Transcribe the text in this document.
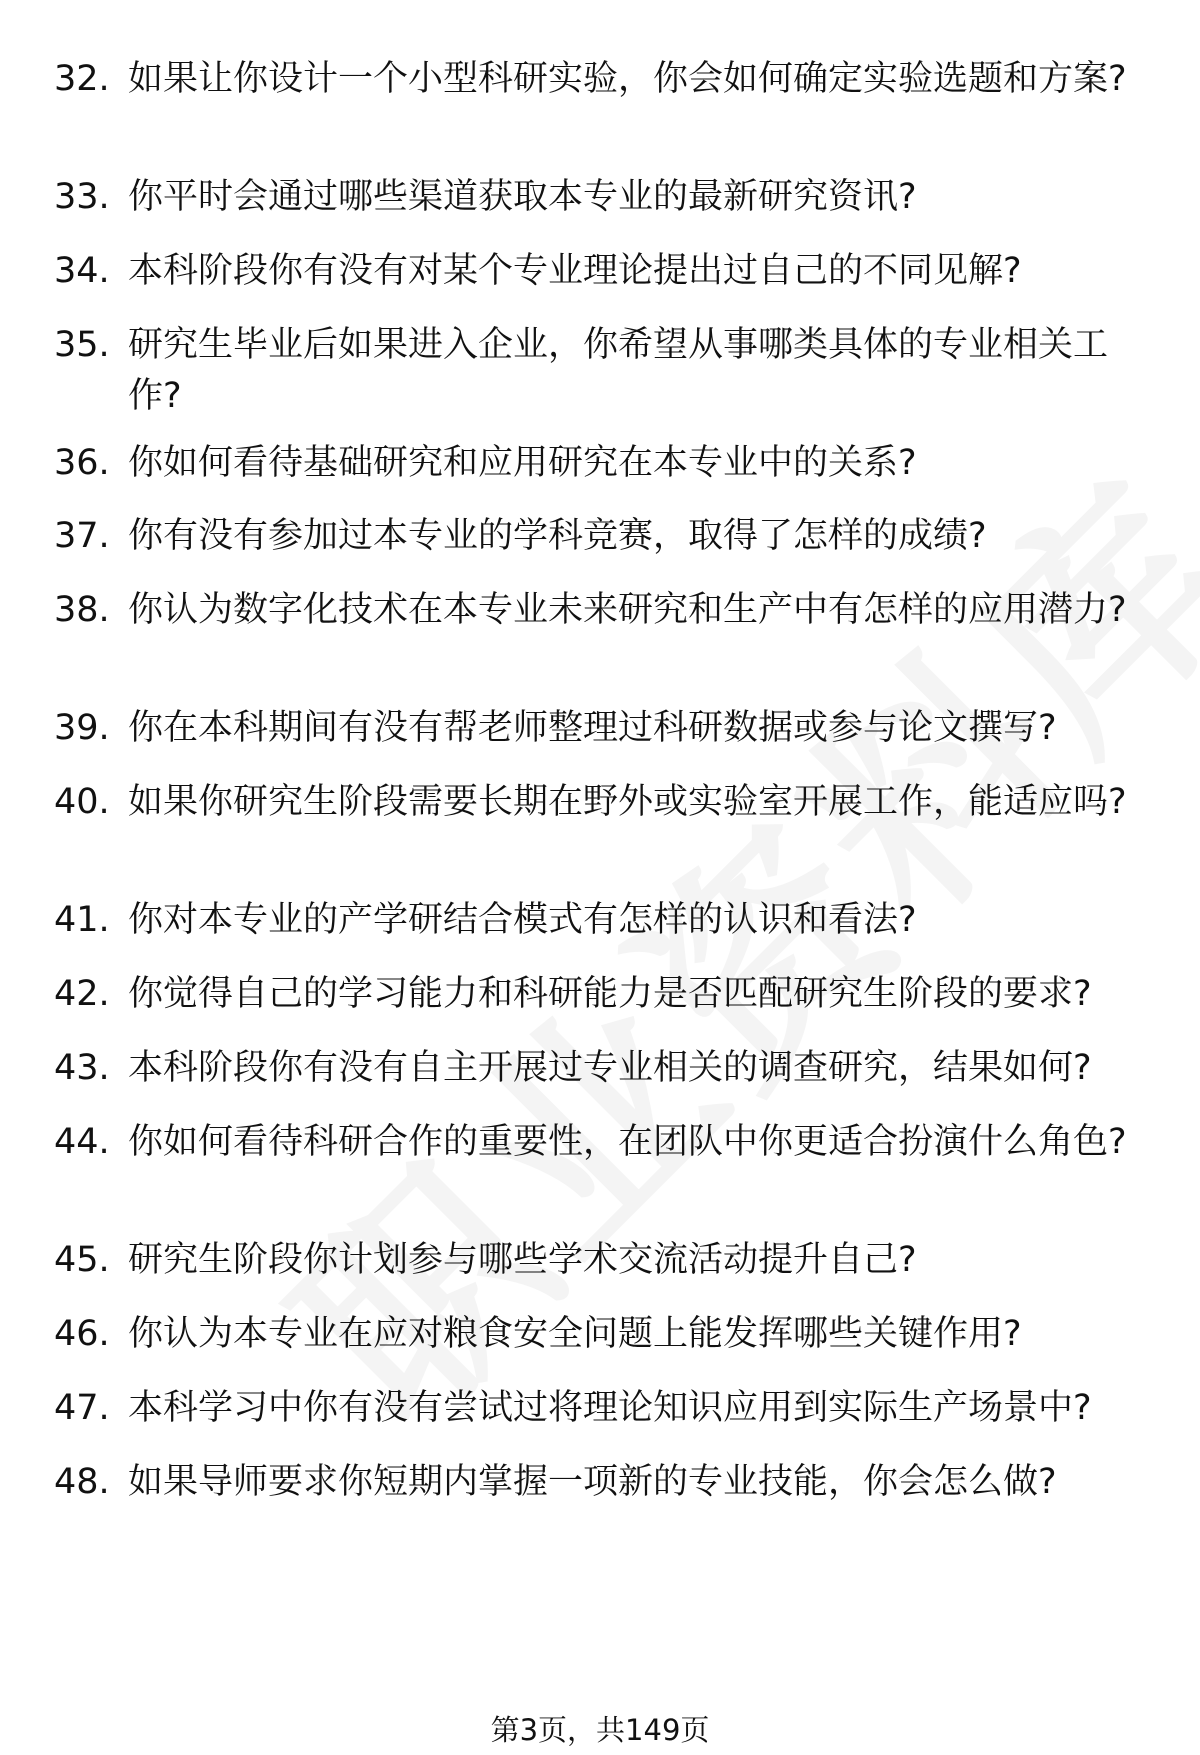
32. 如果让你设计一个小型科研实验，你会如何确定实验选题和方案?
33. 你平时会通过哪些渠道获取本专业的最新研究资讯?
34. 本科阶段你有没有对某个专业理论提出过自己的不同见解?
35. 研究生毕业后如果进入企业，你希望从事哪类具体的专业相关工作?
36. 你如何看待基础研究和应用研究在本专业中的关系?
37. 你有没有参加过本专业的学科竞赛，取得了怎样的成绩?
38. 你认为数字化技术在本专业未来研究和生产中有怎样的应用潜力?
39. 你在本科期间有没有帮老师整理过科研数据或参与论文撰写?
40. 如果你研究生阶段需要长期在野外或实验室开展工作，能适应吗?
41. 你对本专业的产学研结合模式有怎样的认识和看法?
42. 你觉得自己的学习能力和科研能力是否匹配研究生阶段的要求?
43. 本科阶段你有没有自主开展过专业相关的调查研究，结果如何?
44. 你如何看待科研合作的重要性，在团队中你更适合扮演什么角色?
45. 研究生阶段你计划参与哪些学术交流活动提升自己?
46. 你认为本专业在应对粮食安全问题上能发挥哪些关键作用?
47. 本科学习中你有没有尝试过将理论知识应用到实际生产场景中?
48. 如果导师要求你短期内掌握一项新的专业技能，你会怎么做?
第3页，共149页
